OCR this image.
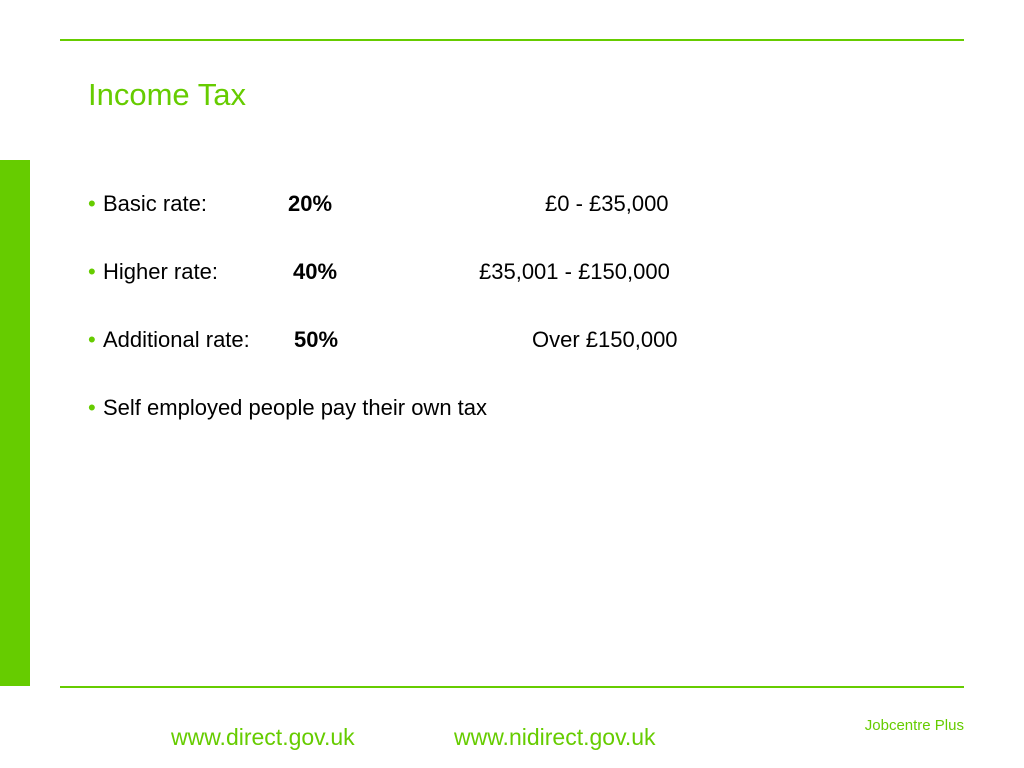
Income Tax
• Basic rate:	20%	£0 - £35,000
• Higher rate:	40%	£35,001 - £150,000
• Additional rate: 50%	Over £150,000
• Self employed people pay their own tax
www.direct.gov.uk	www.nidirect.gov.uk	Jobcentre Plus
